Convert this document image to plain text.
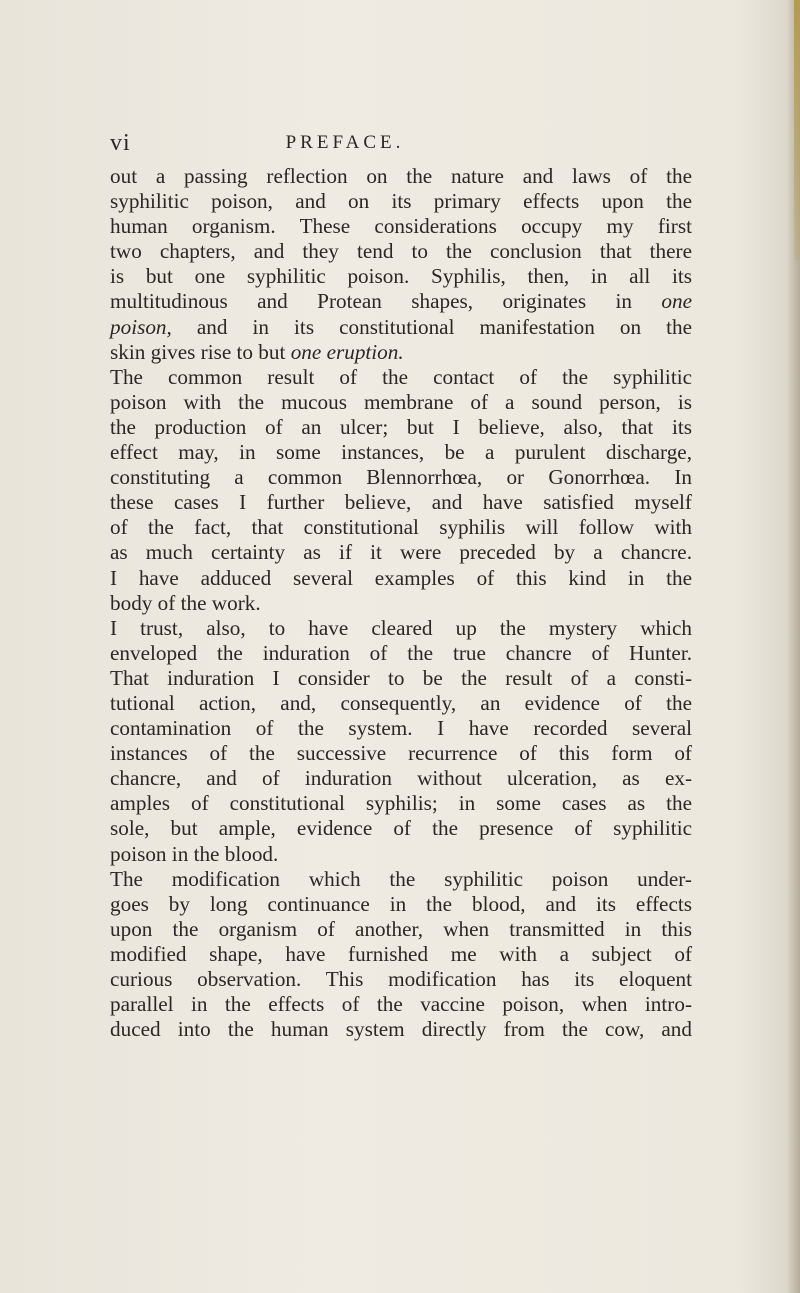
vi	PREFACE.
out a passing reflection on the nature and laws of the
syphilitic poison, and on its primary effects upon the
human organism. These considerations occupy my first
two chapters, and they tend to the conclusion that there
is but one syphilitic poison. Syphilis, then, in all its
multitudinous and Protean shapes, originates in one
poison, and in its constitutional manifestation on the
skin gives rise to but one eruption.
The common result of the contact of the syphilitic
poison with the mucous membrane of a sound person, is
the production of an ulcer; but I believe, also, that its
effect may, in some instances, be a purulent discharge,
constituting a common Blennorrhœa, or Gonorrhœa. In
these cases I further believe, and have satisfied myself
of the fact, that constitutional syphilis will follow with
as much certainty as if it were preceded by a chancre.
I have adduced several examples of this kind in the
body of the work.
I trust, also, to have cleared up the mystery which
enveloped the induration of the true chancre of Hunter.
That induration I consider to be the result of a consti-
tutional action, and, consequently, an evidence of the
contamination of the system. I have recorded several
instances of the successive recurrence of this form of
chancre, and of induration without ulceration, as ex-
amples of constitutional syphilis; in some cases as the
sole, but ample, evidence of the presence of syphilitic
poison in the blood.
The modification which the syphilitic poison under-
goes by long continuance in the blood, and its effects
upon the organism of another, when transmitted in this
modified shape, have furnished me with a subject of
curious observation. This modification has its eloquent
parallel in the effects of the vaccine poison, when intro-
duced into the human system directly from the cow, and
